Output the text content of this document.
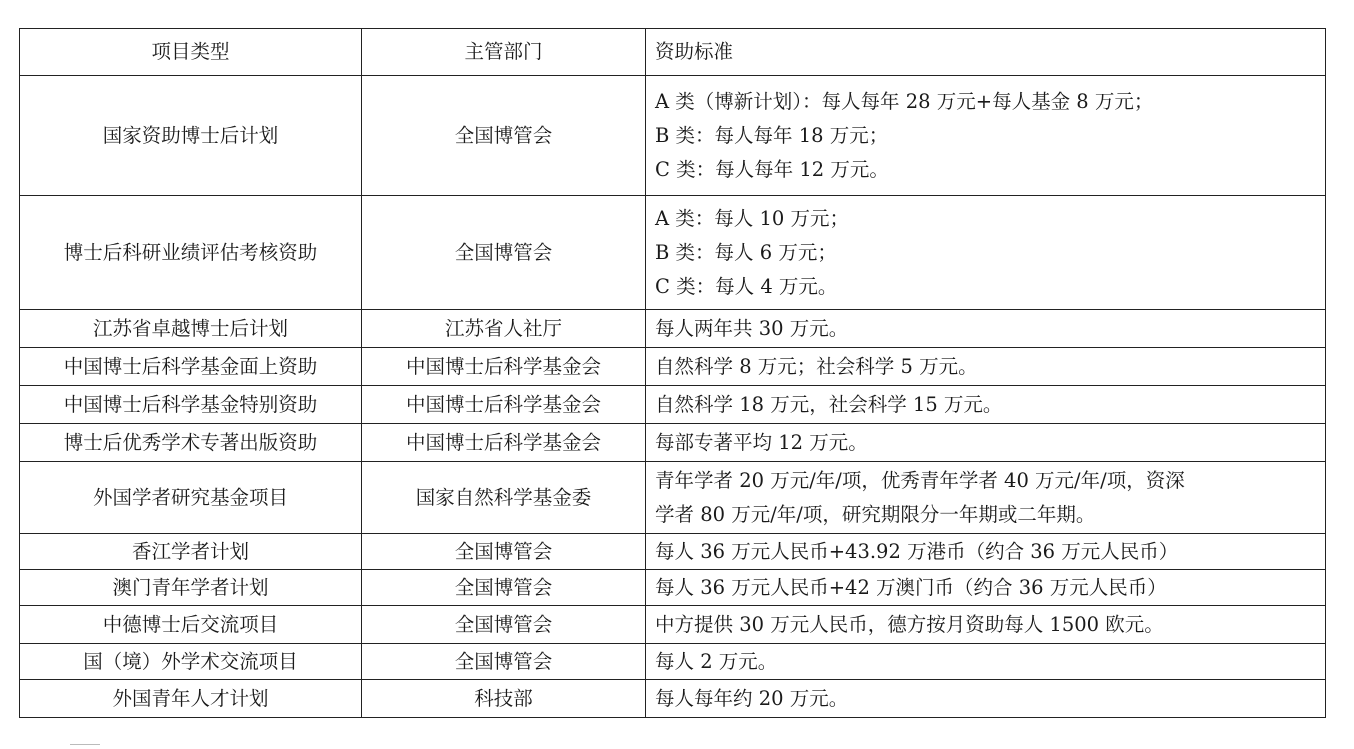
项目类型	主管部门	资助标准
国家资助博士后计划	全国博管会	A 类（博新计划）：每人每年 28 万元+每人基金 8 万元；
B 类：每人每年 18 万元；
C 类：每人每年 12 万元。

博士后科研业绩评估考核资助	全国博管会	A 类：每人 10 万元；
B 类：每人 6 万元；
C 类：每人 4 万元。

江苏省卓越博士后计划	江苏省人社厅	每人两年共 30 万元。

中国博士后科学基金面上资助	中国博士后科学基金会	自然科学 8 万元；社会科学 5 万元。

中国博士后科学基金特别资助	中国博士后科学基金会	自然科学 18 万元，社会科学 15 万元。

博士后优秀学术专著出版资助	中国博士后科学基金会	每部专著平均 12 万元。

外国学者研究基金项目	国家自然科学基金委	青年学者 20 万元/年/项，优秀青年学者 40 万元/年/项，资深
学者 80 万元/年/项，研究期限分一年期或二年期。

香江学者计划	全国博管会	每人 36 万元人民币+43.92 万港币（约合 36 万元人民币）

澳门青年学者计划	全国博管会	每人 36 万元人民币+42 万澳门币（约合 36 万元人民币）

中德博士后交流项目	全国博管会	中方提供 30 万元人民币，德方按月资助每人 1500 欧元。

国（境）外学术交流项目	全国博管会	每人 2 万元。

外国青年人才计划	科技部	每人每年约 20 万元。
